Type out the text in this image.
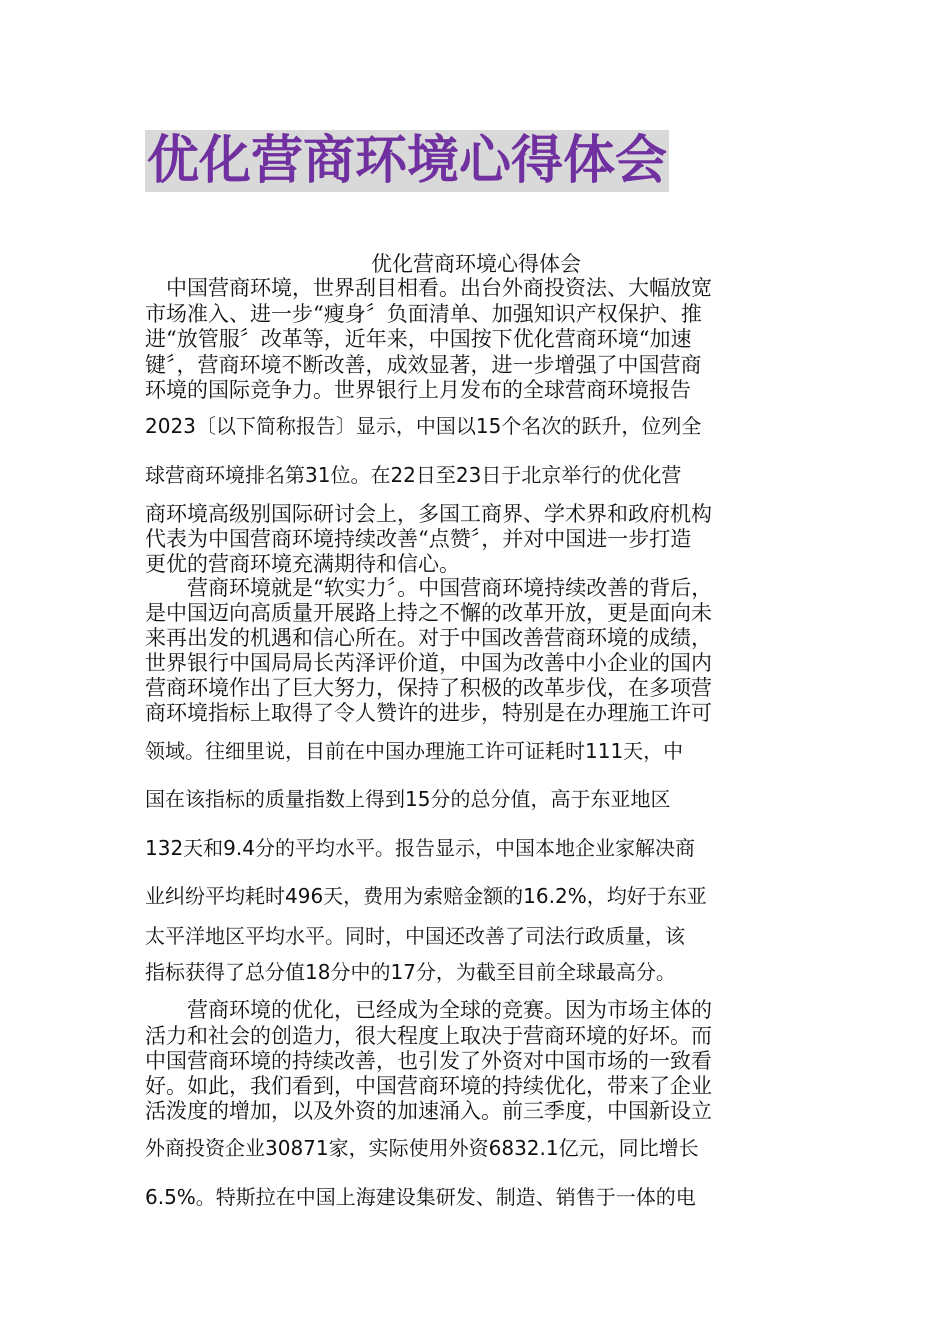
优化营商环境心得体会
优化营商环境心得体会
　中国营商环境，世界刮目相看。出台外商投资法、大幅放宽
市场准入、进一步“瘦身〞负面清单、加强知识产权保护、推
进“放管服〞改革等，近年来，中国按下优化营商环境“加速
键〞，营商环境不断改善，成效显著，进一步增强了中国营商
环境的国际竞争力。世界银行上月发布的全球营商环境报告
2023〔以下简称报告〕显示，中国以15个名次的跃升，位列全
球营商环境排名第31位。在22日至23日于北京举行的优化营
商环境高级别国际研讨会上，多国工商界、学术界和政府机构
代表为中国营商环境持续改善“点赞〞，并对中国进一步打造
更优的营商环境充满期待和信心。
　　营商环境就是“软实力〞。中国营商环境持续改善的背后，
是中国迈向高质量开展路上持之不懈的改革开放，更是面向未
来再出发的机遇和信心所在。对于中国改善营商环境的成绩，
世界银行中国局局长芮泽评价道，中国为改善中小企业的国内
营商环境作出了巨大努力，保持了积极的改革步伐，在多项营
商环境指标上取得了令人赞许的进步，特别是在办理施工许可
领域。往细里说，目前在中国办理施工许可证耗时111天，中
国在该指标的质量指数上得到15分的总分值，高于东亚地区
132天和9.4分的平均水平。报告显示，中国本地企业家解决商
业纠纷平均耗时496天，费用为索赔金额的16.2%，均好于东亚
太平洋地区平均水平。同时，中国还改善了司法行政质量，该
指标获得了总分值18分中的17分，为截至目前全球最高分。
　　营商环境的优化，已经成为全球的竞赛。因为市场主体的
活力和社会的创造力，很大程度上取决于营商环境的好坏。而
中国营商环境的持续改善，也引发了外资对中国市场的一致看
好。如此，我们看到，中国营商环境的持续优化，带来了企业
活泼度的增加，以及外资的加速涌入。前三季度，中国新设立
外商投资企业30871家，实际使用外资6832.1亿元，同比增长
6.5%。特斯拉在中国上海建设集研发、制造、销售于一体的电
